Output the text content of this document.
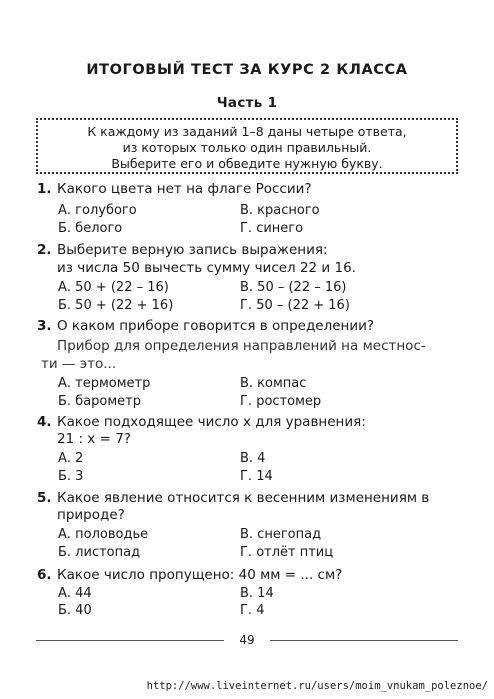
ИТОГОВЫЙ ТЕСТ ЗА КУРС 2 КЛАССА
Часть 1
К каждому из заданий 1–8 даны четыре ответа,
из которых только один правильный.
Выберите его и обведите нужную букву.
1. Какого цвета нет на флаге России?
А. голубого	В. красного
Б. белого	Г. синего
2. Выберите верную запись выражения:
из числа 50 вычесть сумму чисел 22 и 16.
А. 50 + (22 – 16)	В. 50 – (22 – 16)
Б. 50 + (22 + 16)	Г. 50 – (22 + 16)
3. О каком приборе говорится в определении?
Прибор для определения направлений на местнос-
ти — это...
А. термометр	В. компас
Б. барометр	Г. ростомер
4. Какое подходящее число x для уравнения:
21 : x = 7?
А. 2	В. 4
Б. 3	Г. 14
5. Какое явление относится к весенним изменениям в
природе?
А. половодье	В. снегопад
Б. листопад	Г. отлёт птиц
6. Какое число пропущено: 40 мм = ... см?
А. 44	В. 14
Б. 40	Г. 4
49
http://www.liveinternet.ru/users/moim_vnukam_poleznoe/
